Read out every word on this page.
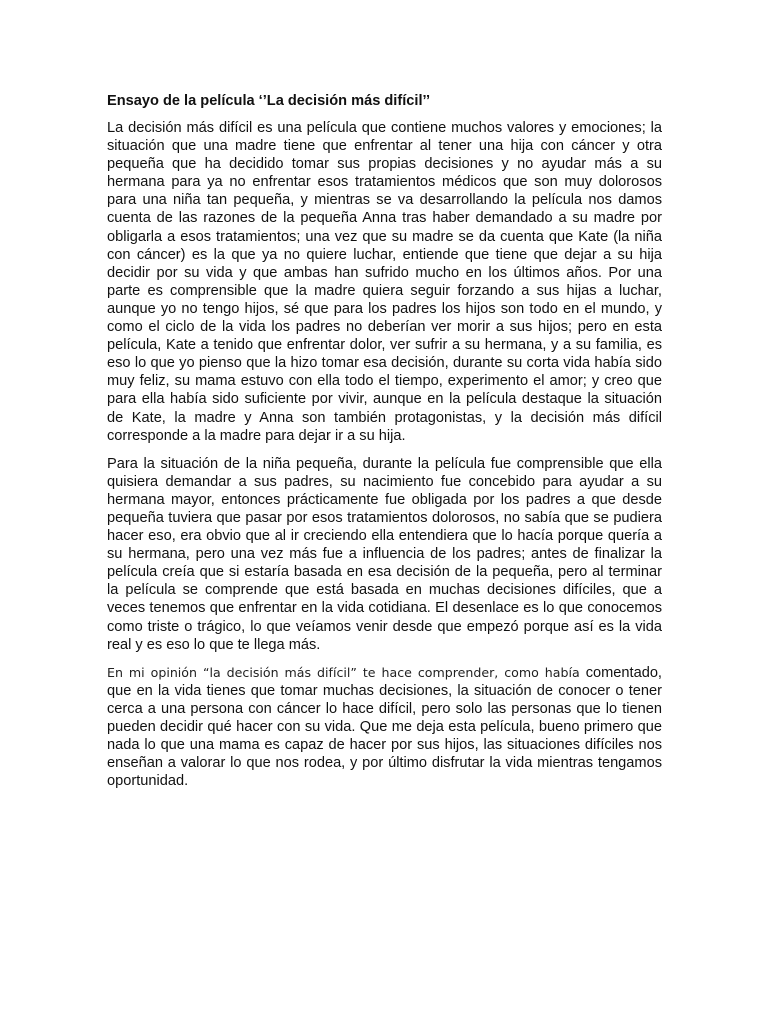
Ensayo de la película ‘’La decisión más difícil’’

La decisión más difícil es una película que contiene muchos valores y emociones; la situación que una madre tiene que enfrentar al tener una hija con cáncer y otra pequeña que ha decidido tomar sus propias decisiones y no ayudar más a su hermana para ya no enfrentar esos tratamientos médicos que son muy dolorosos para una niña tan pequeña, y mientras se va desarrollando la película nos damos cuenta de las razones de la pequeña Anna tras haber demandado a su madre por obligarla a esos tratamientos; una vez que su madre se da cuenta que Kate (la niña con cáncer) es la que ya no quiere luchar, entiende que tiene que dejar a su hija decidir por su vida y que ambas han sufrido mucho en los últimos años. Por una parte es comprensible que la madre quiera seguir forzando a sus hijas a luchar, aunque yo no tengo hijos, sé que para los padres los hijos son todo en el mundo, y como el ciclo de la vida los padres no deberían ver morir a sus hijos; pero en esta película, Kate a tenido que enfrentar dolor, ver sufrir a su hermana, y a su familia, es eso lo que yo pienso que la hizo tomar esa decisión, durante su corta vida había sido muy feliz, su mama estuvo con ella todo el tiempo, experimento el amor; y creo que para ella había sido suficiente por vivir, aunque en la película destaque la situación de Kate, la madre y Anna son también protagonistas, y la decisión más difícil corresponde a la madre para dejar ir a su hija.

Para la situación de la niña pequeña, durante la película fue comprensible que ella quisiera demandar a sus padres, su nacimiento fue concebido para ayudar a su hermana mayor, entonces prácticamente fue obligada por los padres a que desde pequeña tuviera que pasar por esos tratamientos dolorosos, no sabía que se pudiera hacer eso, era obvio que al ir creciendo ella entendiera que lo hacía porque quería a su hermana, pero una vez más fue a influencia de los padres; antes de finalizar la película creía que si estaría basada en esa decisión de la pequeña, pero al terminar la película se comprende que está basada en muchas decisiones difíciles, que a veces tenemos que enfrentar en la vida cotidiana. El desenlace es lo que conocemos como triste o trágico, lo que veíamos venir desde que empezó porque así es la vida real y es eso lo que te llega más.

En mi opinión “la decisión más difícil” te hace comprender, como había comentado, que en la vida tienes que tomar muchas decisiones, la situación de conocer o tener cerca a una persona con cáncer lo hace difícil, pero solo las personas que lo tienen pueden decidir qué hacer con su vida. Que me deja esta película, bueno primero que nada lo que una mama es capaz de hacer por sus hijos, las situaciones difíciles nos enseñan a valorar lo que nos rodea, y por último disfrutar la vida mientras tengamos oportunidad.
